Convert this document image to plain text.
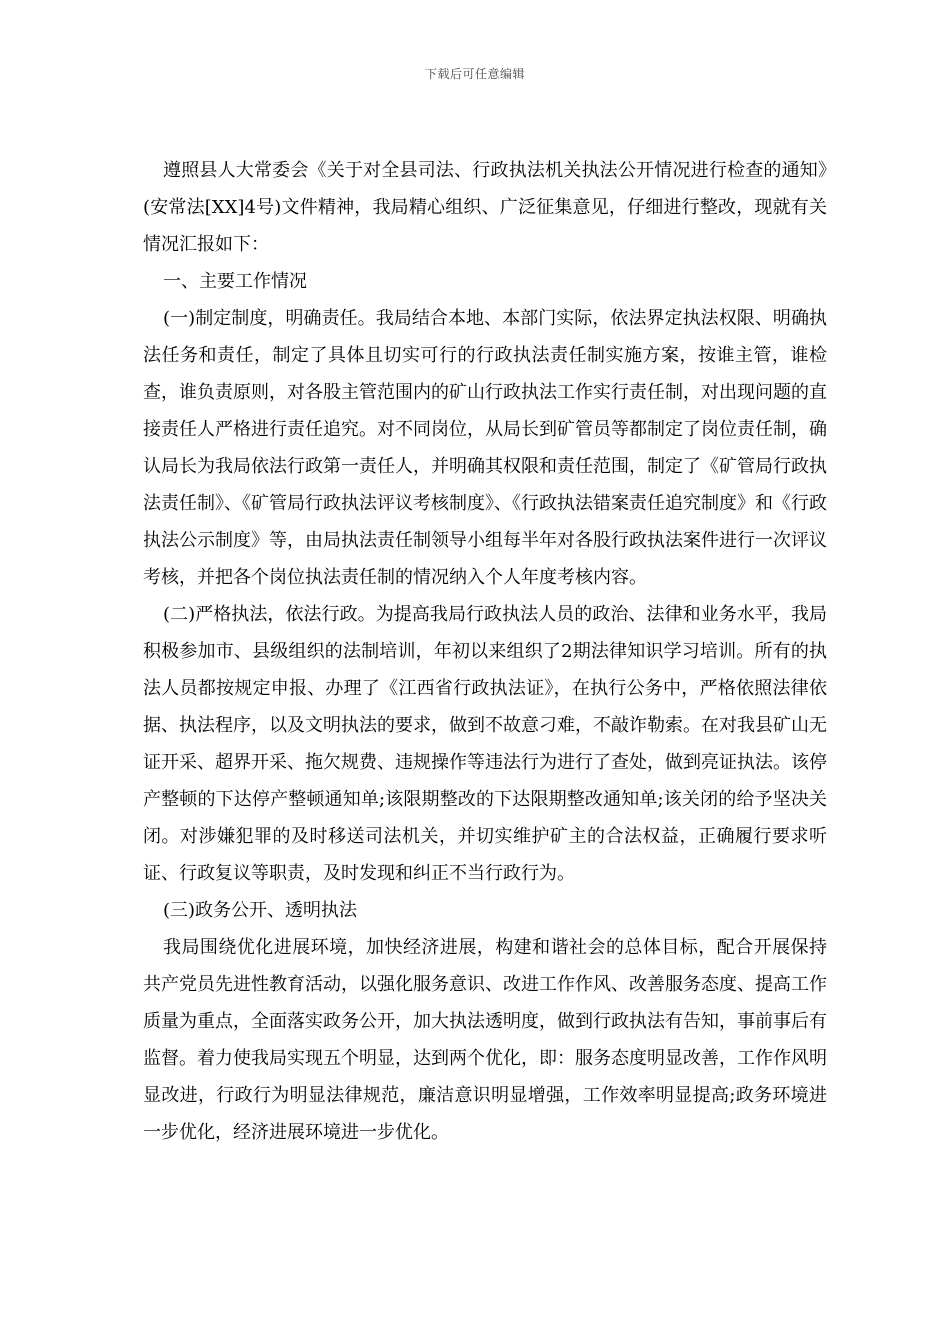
下载后可任意编辑

遵照县人大常委会《关于对全县司法、行政执法机关执法公开情况进行检查的通知》(安常法[XX]4号)文件精神，我局精心组织、广泛征集意见，仔细进行整改，现就有关情况汇报如下：

一、主要工作情况

(一)制定制度，明确责任。我局结合本地、本部门实际，依法界定执法权限、明确执法任务和责任，制定了具体且切实可行的行政执法责任制实施方案，按谁主管，谁检查，谁负责原则，对各股主管范围内的矿山行政执法工作实行责任制，对出现问题的直接责任人严格进行责任追究。对不同岗位，从局长到矿管员等都制定了岗位责任制，确认局长为我局依法行政第一责任人，并明确其权限和责任范围，制定了《矿管局行政执法责任制》、《矿管局行政执法评议考核制度》、《行政执法错案责任追究制度》和《行政执法公示制度》等，由局执法责任制领导小组每半年对各股行政执法案件进行一次评议考核，并把各个岗位执法责任制的情况纳入个人年度考核内容。

(二)严格执法，依法行政。为提高我局行政执法人员的政治、法律和业务水平，我局积极参加市、县级组织的法制培训，年初以来组织了2期法律知识学习培训。所有的执法人员都按规定申报、办理了《江西省行政执法证》，在执行公务中，严格依照法律依据、执法程序，以及文明执法的要求，做到不故意刁难，不敲诈勒索。在对我县矿山无证开采、超界开采、拖欠规费、违规操作等违法行为进行了查处，做到亮证执法。该停产整顿的下达停产整顿通知单;该限期整改的下达限期整改通知单;该关闭的给予坚决关闭。对涉嫌犯罪的及时移送司法机关，并切实维护矿主的合法权益，正确履行要求听证、行政复议等职责，及时发现和纠正不当行政行为。

(三)政务公开、透明执法

我局围绕优化进展环境，加快经济进展，构建和谐社会的总体目标，配合开展保持共产党员先进性教育活动，以强化服务意识、改进工作作风、改善服务态度、提高工作质量为重点，全面落实政务公开，加大执法透明度，做到行政执法有告知，事前事后有监督。着力使我局实现五个明显，达到两个优化，即：服务态度明显改善，工作作风明显改进，行政行为明显法律规范，廉洁意识明显增强，工作效率明显提高;政务环境进一步优化，经济进展环境进一步优化。
